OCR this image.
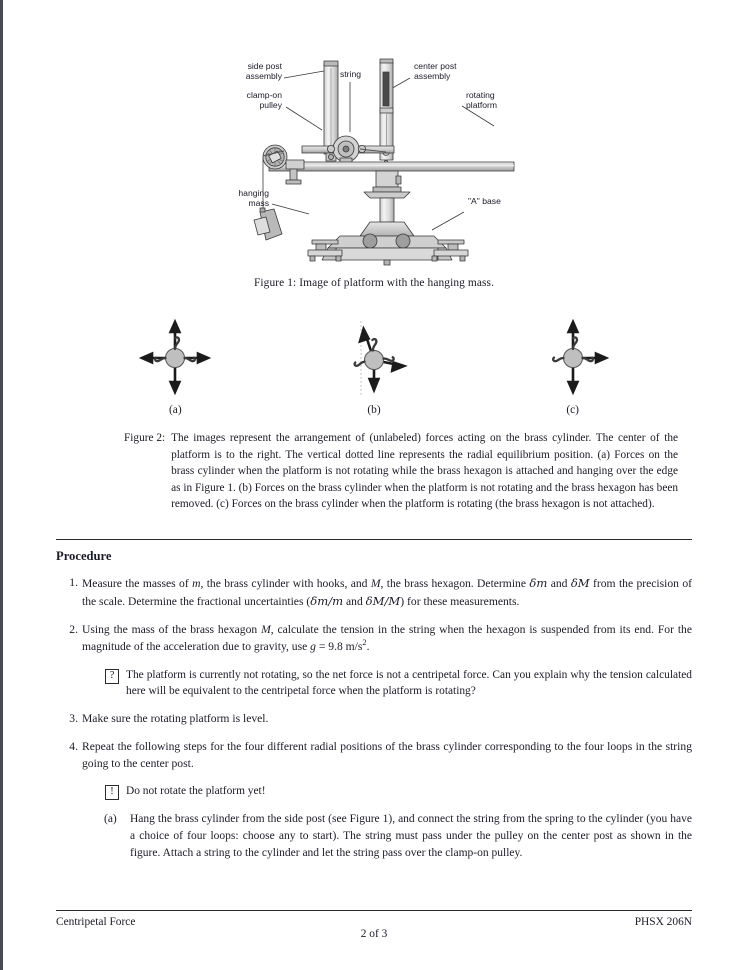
side post
assembly
clamp-on
pulley
hanging
mass
string
center post
assembly
rotating
platform
"A" base
Figure 1: Image of platform with the hanging mass.
(a)	(b)	(c)
Figure 2: The images represent the arrangement of (unlabeled) forces acting on the brass cylinder. The center of the platform is to the right. The vertical dotted line represents the radial equilibrium position. (a) Forces on the brass cylinder when the platform is not rotating while the brass hexagon is attached and hanging over the edge as in Figure 1. (b) Forces on the brass cylinder when the platform is not rotating and the brass hexagon has been removed. (c) Forces on the brass cylinder when the platform is rotating (the brass hexagon is not attached).
Procedure
1. Measure the masses of m, the brass cylinder with hooks, and M, the brass hexagon. Determine δm and δM from the precision of the scale. Determine the fractional uncertainties (δm/m and δM/M) for these measurements.
2. Using the mass of the brass hexagon M, calculate the tension in the string when the hexagon is suspended from its end. For the magnitude of the acceleration due to gravity, use g = 9.8 $m/s^2$.
?	The platform is currently not rotating, so the net force is not a centripetal force. Can you explain why the tension calculated here will be equivalent to the centripetal force when the platform is rotating?
3. Make sure the rotating platform is level.
4. Repeat the following steps for the four different radial positions of the brass cylinder corresponding to the four loops in the string going to the center post.
!	Do not rotate the platform yet!
(a)	Hang the brass cylinder from the side post (see Figure 1), and connect the string from the spring to the cylinder (you have a choice of four loops: choose any to start). The string must pass under the pulley on the center post as shown in the figure. Attach a string to the cylinder and let the string pass over the clamp-on pulley.
Centripetal Force	PHSX 206N
2 of 3
